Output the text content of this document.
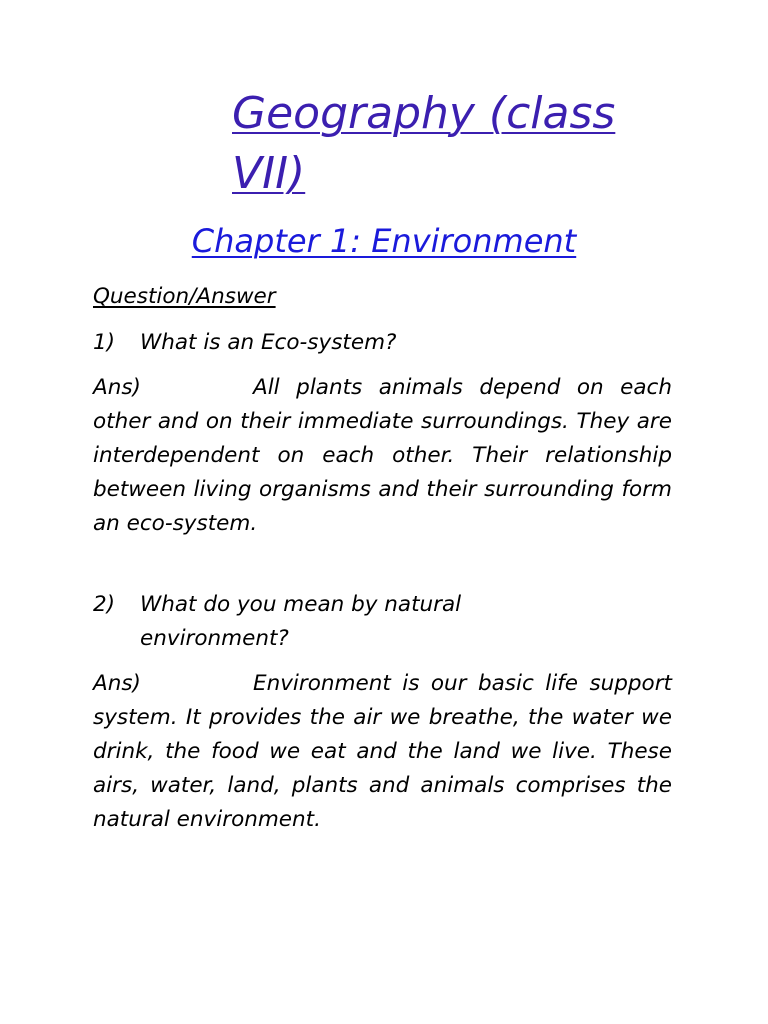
Geography (class
VII)
Chapter 1: Environment
Question/Answer
1)	What is an Eco-system?
Ans)	All plants animals depend on each other and on their immediate surroundings. They are interdependent on each other. Their relationship between living organisms and their surrounding form an eco-system.
2)	What do you mean by natural environment?
Ans)	Environment is our basic life support system. It provides the air we breathe, the water we drink, the food we eat and the land we live. These airs, water, land, plants and animals comprises the natural environment.
